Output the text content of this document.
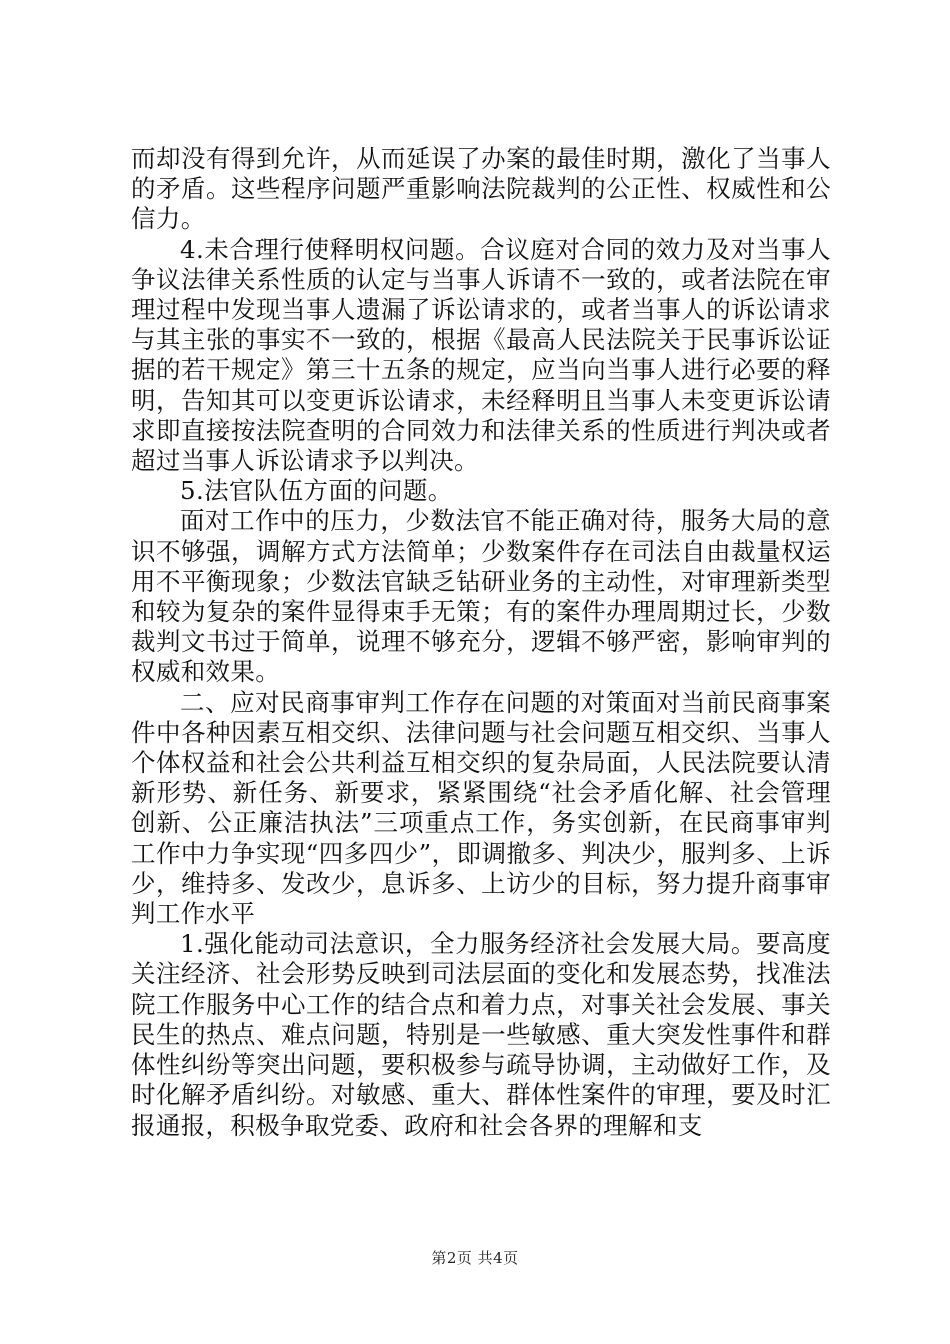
而却没有得到允许，从而延误了办案的最佳时期，激化了当事人的矛盾。这些程序问题严重影响法院裁判的公正性、权威性和公信力。

4.未合理行使释明权问题。合议庭对合同的效力及对当事人争议法律关系性质的认定与当事人诉请不一致的，或者法院在审理过程中发现当事人遗漏了诉讼请求的，或者当事人的诉讼请求与其主张的事实不一致的，根据《最高人民法院关于民事诉讼证据的若干规定》第三十五条的规定，应当向当事人进行必要的释明，告知其可以变更诉讼请求，未经释明且当事人未变更诉讼请求即直接按法院查明的合同效力和法律关系的性质进行判决或者超过当事人诉讼请求予以判决。

5.法官队伍方面的问题。

面对工作中的压力，少数法官不能正确对待，服务大局的意识不够强，调解方式方法简单；少数案件存在司法自由裁量权运用不平衡现象；少数法官缺乏钻研业务的主动性，对审理新类型和较为复杂的案件显得束手无策；有的案件办理周期过长，少数裁判文书过于简单，说理不够充分，逻辑不够严密，影响审判的权威和效果。

二、应对民商事审判工作存在问题的对策面对当前民商事案件中各种因素互相交织、法律问题与社会问题互相交织、当事人个体权益和社会公共利益互相交织的复杂局面，人民法院要认清新形势、新任务、新要求，紧紧围绕“社会矛盾化解、社会管理创新、公正廉洁执法”三项重点工作，务实创新，在民商事审判工作中力争实现“四多四少”，即调撤多、判决少，服判多、上诉少，维持多、发改少，息诉多、上访少的目标，努力提升商事审判工作水平

1.强化能动司法意识，全力服务经济社会发展大局。要高度关注经济、社会形势反映到司法层面的变化和发展态势，找准法院工作服务中心工作的结合点和着力点，对事关社会发展、事关民生的热点、难点问题，特别是一些敏感、重大突发性事件和群体性纠纷等突出问题，要积极参与疏导协调，主动做好工作，及时化解矛盾纠纷。对敏感、重大、群体性案件的审理，要及时汇报通报，积极争取党委、政府和社会各界的理解和支

第2页 共4页
